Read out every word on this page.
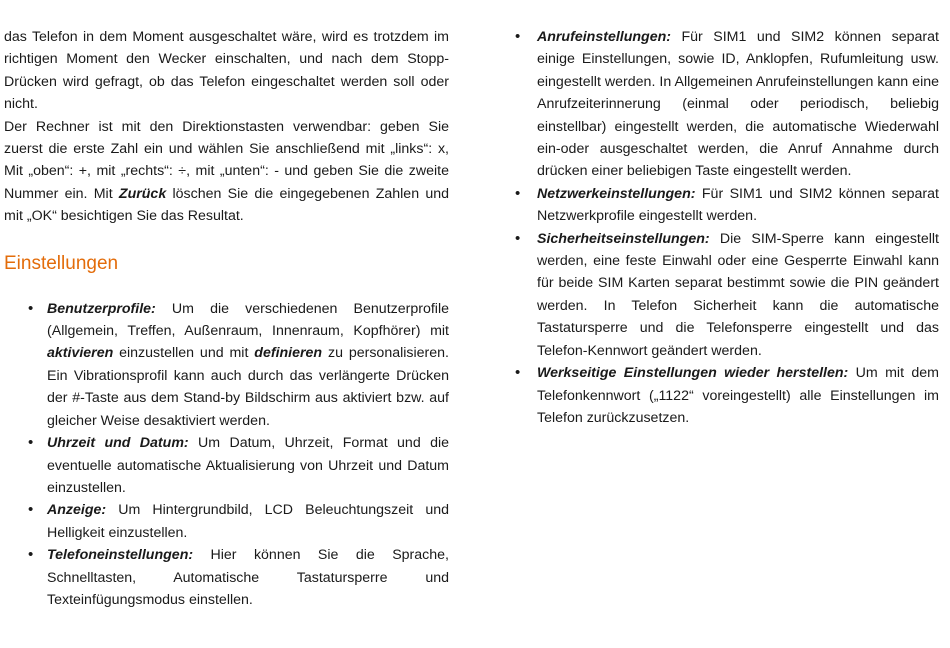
das Telefon in dem Moment ausgeschaltet wäre, wird es trotzdem im richtigen Moment den Wecker einschalten, und nach dem Stopp-Drücken wird gefragt, ob das Telefon eingeschaltet werden soll oder nicht.

Der Rechner ist mit den Direktionstasten verwendbar: geben Sie zuerst die erste Zahl ein und wählen Sie anschließend mit „links“: x, Mit „oben“: +, mit „rechts“: ÷, mit „unten“: - und geben Sie die zweite Nummer ein. Mit Zurück löschen Sie die eingegebenen Zahlen und mit „OK“ besichtigen Sie das Resultat.

Einstellungen
• Benutzerprofile: Um die verschiedenen Benutzerprofile (Allgemein, Treffen, Außenraum, Innenraum, Kopfhörer) mit aktivieren einzustellen und mit definieren zu personalisieren. Ein Vibrationsprofil kann auch durch das verlängerte Drücken der #-Taste aus dem Stand-by Bildschirm aus aktiviert bzw. auf gleicher Weise desaktiviert werden.
• Uhrzeit und Datum: Um Datum, Uhrzeit, Format und die eventuelle automatische Aktualisierung von Uhrzeit und Datum einzustellen.
• Anzeige: Um Hintergrundbild, LCD Beleuchtungszeit und Helligkeit einzustellen.
• Telefoneinstellungen: Hier können Sie die Sprache, Schnelltasten, Automatische Tastatursperre und Texteinfügungsmodus einstellen.
• Anrufeinstellungen: Für SIM1 und SIM2 können separat einige Einstellungen, sowie ID, Anklopfen, Rufumleitung usw. eingestellt werden. In Allgemeinen Anrufeinstellungen kann eine Anrufzeiterinnerung (einmal oder periodisch, beliebig einstellbar) eingestellt werden, die automatische Wiederwahl ein-oder ausgeschaltet werden, die Anruf Annahme durch drücken einer beliebigen Taste eingestellt werden.
• Netzwerkeinstellungen: Für SIM1 und SIM2 können separat Netzwerkprofile eingestellt werden.
• Sicherheitseinstellungen: Die SIM-Sperre kann eingestellt werden, eine feste Einwahl oder eine Gesperrte Einwahl kann für beide SIM Karten separat bestimmt sowie die PIN geändert werden. In Telefon Sicherheit kann die automatische Tastatursperre und die Telefonsperre eingestellt und das Telefon-Kennwort geändert werden.
• Werkseitige Einstellungen wieder herstellen: Um mit dem Telefonkennwort („1122“ voreingestellt) alle Einstellungen im Telefon zurückzusetzen.
